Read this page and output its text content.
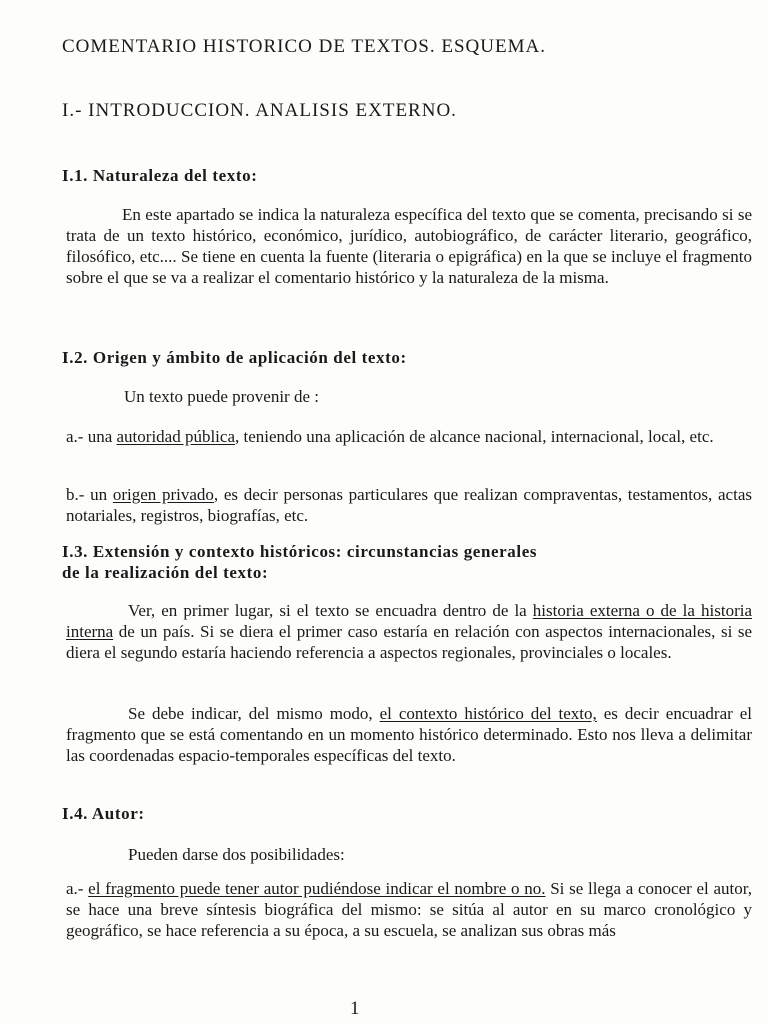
COMENTARIO HISTORICO DE TEXTOS. ESQUEMA.
I.- INTRODUCCION. ANALISIS EXTERNO.
I.1. Naturaleza del texto:
En este apartado se indica la naturaleza específica del texto que se comenta, precisando si se trata de un texto histórico, económico, jurídico, autobiográfico, de carácter literario, geográfico, filosófico, etc.... Se tiene en cuenta la fuente (literaria o epigráfica) en la que se incluye el fragmento sobre el que se va a realizar el comentario histórico y la naturaleza de la misma.
I.2. Origen y ámbito de aplicación del texto:
Un texto puede provenir de :
a.- una autoridad pública, teniendo una aplicación de alcance nacional, internacional, local, etc.
b.- un origen privado, es decir personas particulares que realizan compraventas, testamentos, actas notariales, registros, biografías, etc.
I.3. Extensión y contexto históricos: circunstancias generales
de la realización del texto:
Ver, en primer lugar, si el texto se encuadra dentro de la historia externa o de la historia interna de un país. Si se diera el primer caso estaría en relación con aspectos internacionales, si se diera el segundo estaría haciendo referencia a aspectos regionales, provinciales o locales.
Se debe indicar, del mismo modo, el contexto histórico del texto, es decir encuadrar el fragmento que se está comentando en un momento histórico determinado. Esto nos lleva a delimitar las coordenadas espacio-temporales específicas del texto.
I.4. Autor:
Pueden darse dos posibilidades:
a.- el fragmento puede tener autor pudiéndose indicar el nombre o no. Si se llega a conocer el autor, se hace una breve síntesis biográfica del mismo: se sitúa al autor en su marco cronológico y geográfico, se hace referencia a su época, a su escuela, se analizan sus obras más
1
